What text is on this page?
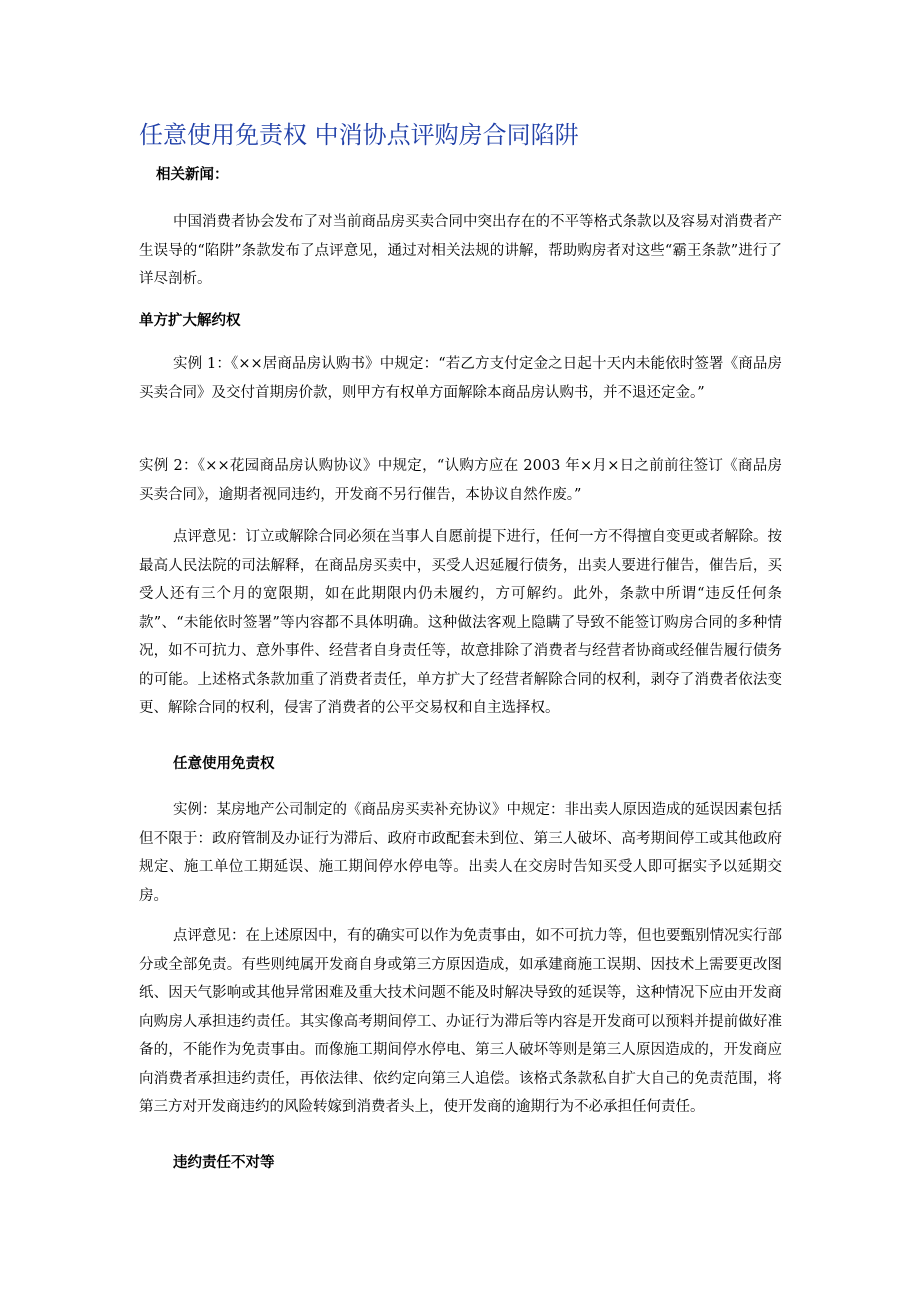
任意使用免责权 中消协点评购房合同陷阱
相关新闻：

中国消费者协会发布了对当前商品房买卖合同中突出存在的不平等格式条款以及容易对消费者产生误导的“陷阱”条款发布了点评意见，通过对相关法规的讲解，帮助购房者对这些“霸王条款”进行了详尽剖析。

单方扩大解约权

实例 1：《××居商品房认购书》中规定：“若乙方支付定金之日起十天内未能依时签署《商品房买卖合同》及交付首期房价款，则甲方有权单方面解除本商品房认购书，并不退还定金。”

实例 2：《××花园商品房认购协议》中规定，“认购方应在 2003 年×月×日之前前往签订《商品房买卖合同》，逾期者视同违约，开发商不另行催告，本协议自然作废。”

点评意见：订立或解除合同必须在当事人自愿前提下进行，任何一方不得擅自变更或者解除。按最高人民法院的司法解释，在商品房买卖中，买受人迟延履行债务，出卖人要进行催告，催告后，买受人还有三个月的宽限期，如在此期限内仍未履约，方可解约。此外，条款中所谓“违反任何条款”、“未能依时签署”等内容都不具体明确。这种做法客观上隐瞒了导致不能签订购房合同的多种情况，如不可抗力、意外事件、经营者自身责任等，故意排除了消费者与经营者协商或经催告履行债务的可能。上述格式条款加重了消费者责任，单方扩大了经营者解除合同的权利，剥夺了消费者依法变更、解除合同的权利，侵害了消费者的公平交易权和自主选择权。

任意使用免责权

实例：某房地产公司制定的《商品房买卖补充协议》中规定：非出卖人原因造成的延误因素包括但不限于：政府管制及办证行为滞后、政府市政配套未到位、第三人破坏、高考期间停工或其他政府规定、施工单位工期延误、施工期间停水停电等。出卖人在交房时告知买受人即可据实予以延期交房。

点评意见：在上述原因中，有的确实可以作为免责事由，如不可抗力等，但也要甄别情况实行部分或全部免责。有些则纯属开发商自身或第三方原因造成，如承建商施工误期、因技术上需要更改图纸、因天气影响或其他异常困难及重大技术问题不能及时解决导致的延误等，这种情况下应由开发商向购房人承担违约责任。其实像高考期间停工、办证行为滞后等内容是开发商可以预料并提前做好准备的，不能作为免责事由。而像施工期间停水停电、第三人破坏等则是第三人原因造成的，开发商应向消费者承担违约责任，再依法律、依约定向第三人追偿。该格式条款私自扩大自己的免责范围，将第三方对开发商违约的风险转嫁到消费者头上，使开发商的逾期行为不必承担任何责任。

违约责任不对等
